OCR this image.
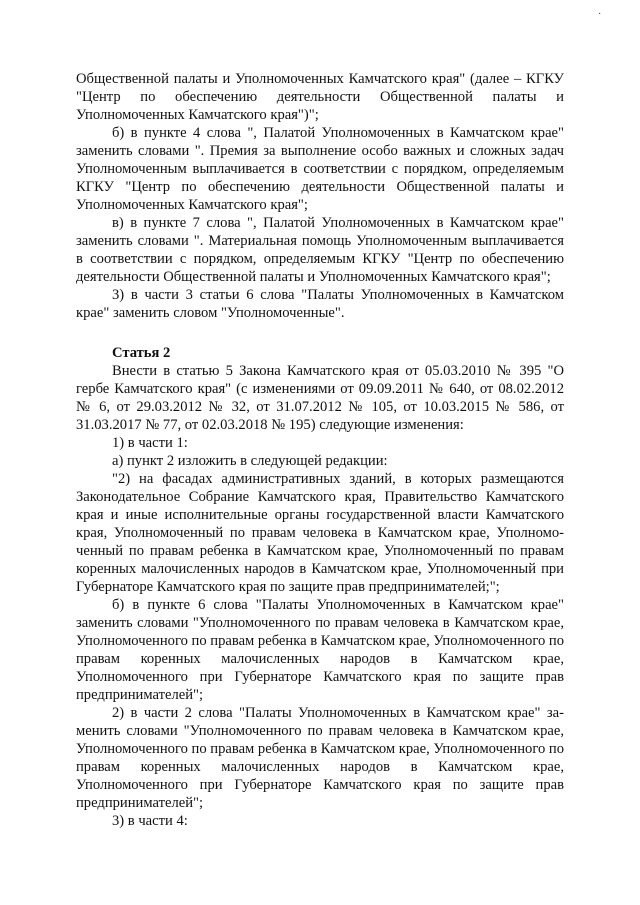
·

Общественной палаты и Уполномоченных Камчатского края" (далее – КГКУ "Центр по обеспечению деятельности Общественной палаты и Уполномоченных Камчатского края")";

б) в пункте 4 слова ", Палатой Уполномоченных в Камчатском крае" заменить словами ". Премия за выполнение особо важных и сложных задач Уполномоченным выплачивается в соответствии с порядком, определяемым КГКУ "Центр по обеспечению деятельности Общественной палаты и Уполномоченных Камчатского края";

в) в пункте 7 слова ", Палатой Уполномоченных в Камчатском крае" заменить словами ". Материальная помощь Уполномоченным выплачивается в соответствии с порядком, определяемым КГКУ "Центр по обеспечению деятельности Общественной палаты и Уполномоченных Камчатского края";

3) в части 3 статьи 6 слова "Палаты Уполномоченных в Камчатском крае" заменить словом "Уполномоченные".

Статья 2

Внести в статью 5 Закона Камчатского края от 05.03.2010 № 395 "О гербе Камчатского края" (с изменениями от 09.09.2011 № 640, от 08.02.2012 № 6, от 29.03.2012 № 32, от 31.07.2012 № 105, от 10.03.2015 № 586, от 31.03.2017 № 77, от 02.03.2018 № 195) следующие изменения:

1) в части 1:

а) пункт 2 изложить в следующей редакции:

"2) на фасадах административных зданий, в которых размещаются Законодательное Собрание Камчатского края, Правительство Камчатского края и иные исполнительные органы государственной власти Камчатского края, Уполномоченный по правам человека в Камчатском крае, Уполномоченный по правам ребенка в Камчатском крае, Уполномоченный по правам коренных малочисленных народов в Камчатском крае, Уполномоченный при Губернаторе Камчатского края по защите прав предпринимателей;";

б) в пункте 6 слова "Палаты Уполномоченных в Камчатском крае" заменить словами "Уполномоченного по правам человека в Камчатском крае, Уполномоченного по правам ребенка в Камчатском крае, Уполномоченного по правам коренных малочисленных народов в Камчатском крае, Уполномоченного при Губернаторе Камчатского края по защите прав предпринимателей";

2) в части 2 слова "Палаты Уполномоченных в Камчатском крае" заменить словами "Уполномоченного по правам человека в Камчатском крае, Уполномоченного по правам ребенка в Камчатском крае, Уполномоченного по правам коренных малочисленных народов в Камчатском крае, Уполномоченного при Губернаторе Камчатского края по защите прав предпринимателей";

3) в части 4:
